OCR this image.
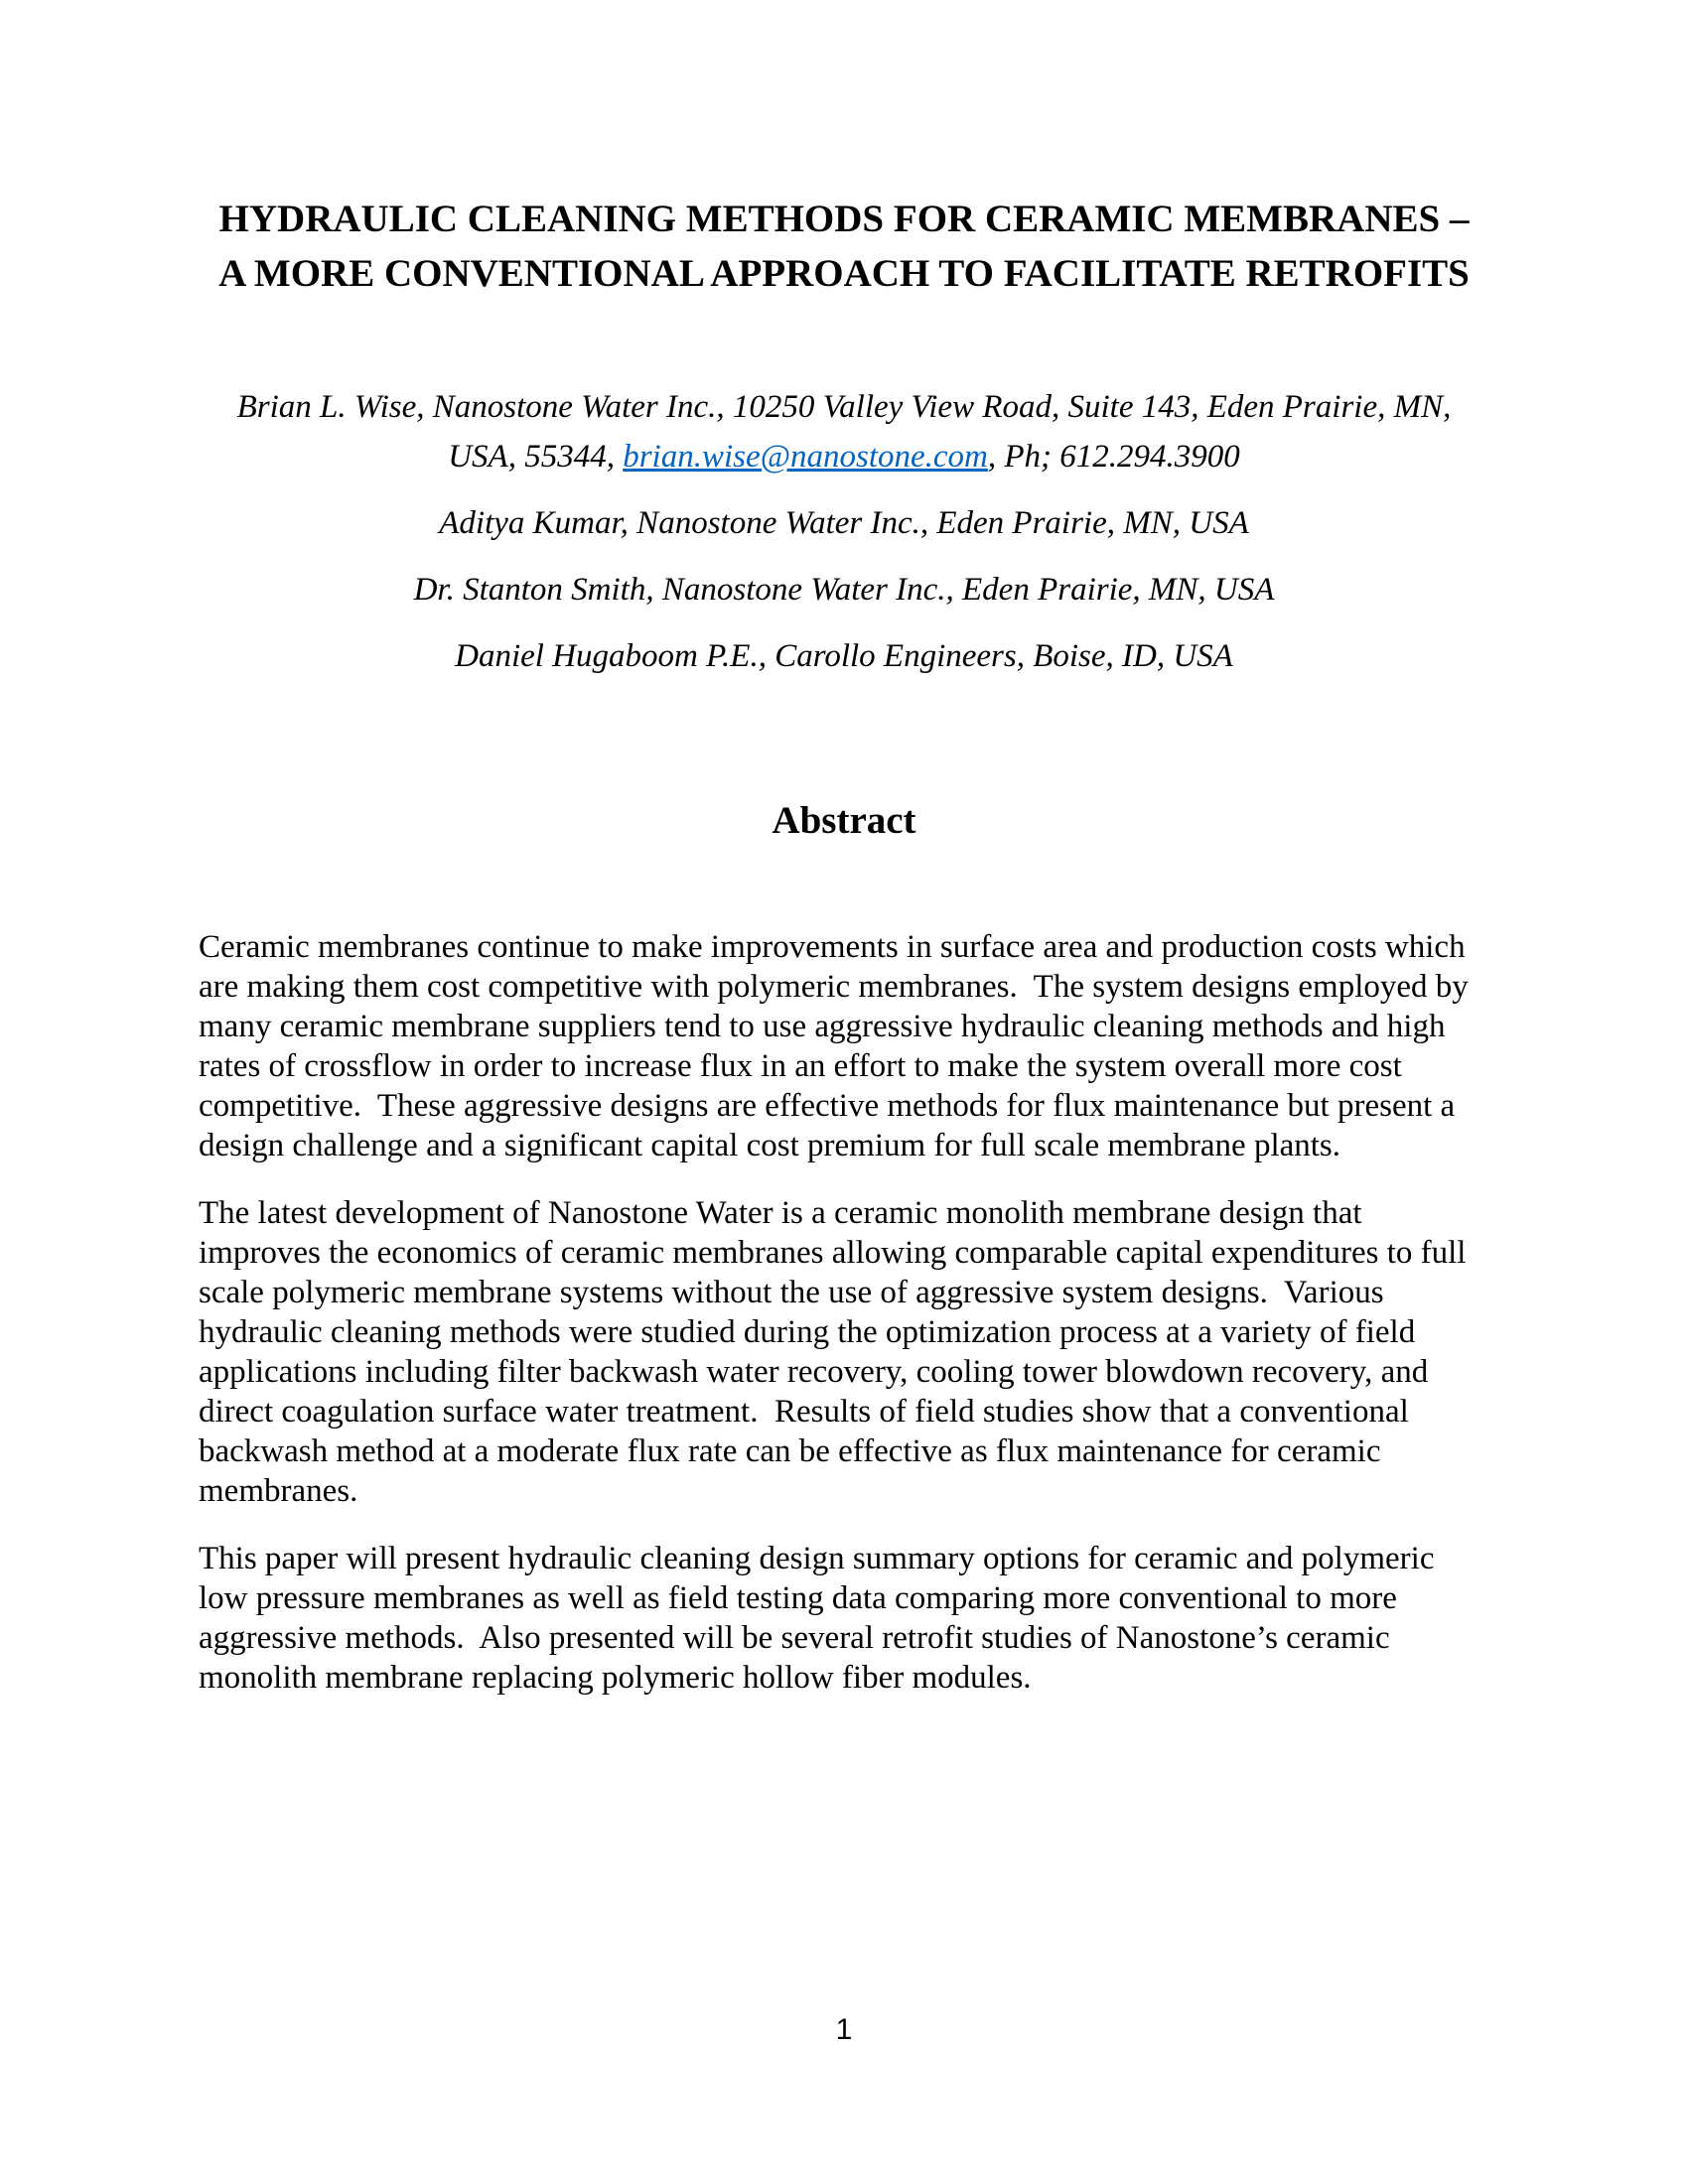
HYDRAULIC CLEANING METHODS FOR CERAMIC MEMBRANES –
A MORE CONVENTIONAL APPROACH TO FACILITATE RETROFITS

Brian L. Wise, Nanostone Water Inc., 10250 Valley View Road, Suite 143, Eden Prairie, MN,
USA, 55344, brian.wise@nanostone.com, Ph; 612.294.3900

Aditya Kumar, Nanostone Water Inc., Eden Prairie, MN, USA

Dr. Stanton Smith, Nanostone Water Inc., Eden Prairie, MN, USA

Daniel Hugaboom P.E., Carollo Engineers, Boise, ID, USA

Abstract

Ceramic membranes continue to make improvements in surface area and production costs which are making them cost competitive with polymeric membranes.  The system designs employed by many ceramic membrane suppliers tend to use aggressive hydraulic cleaning methods and high rates of crossflow in order to increase flux in an effort to make the system overall more cost competitive.  These aggressive designs are effective methods for flux maintenance but present a design challenge and a significant capital cost premium for full scale membrane plants.

The latest development of Nanostone Water is a ceramic monolith membrane design that improves the economics of ceramic membranes allowing comparable capital expenditures to full scale polymeric membrane systems without the use of aggressive system designs.  Various hydraulic cleaning methods were studied during the optimization process at a variety of field applications including filter backwash water recovery, cooling tower blowdown recovery, and direct coagulation surface water treatment.  Results of field studies show that a conventional backwash method at a moderate flux rate can be effective as flux maintenance for ceramic membranes.

This paper will present hydraulic cleaning design summary options for ceramic and polymeric low pressure membranes as well as field testing data comparing more conventional to more aggressive methods.  Also presented will be several retrofit studies of Nanostone’s ceramic monolith membrane replacing polymeric hollow fiber modules.

1
